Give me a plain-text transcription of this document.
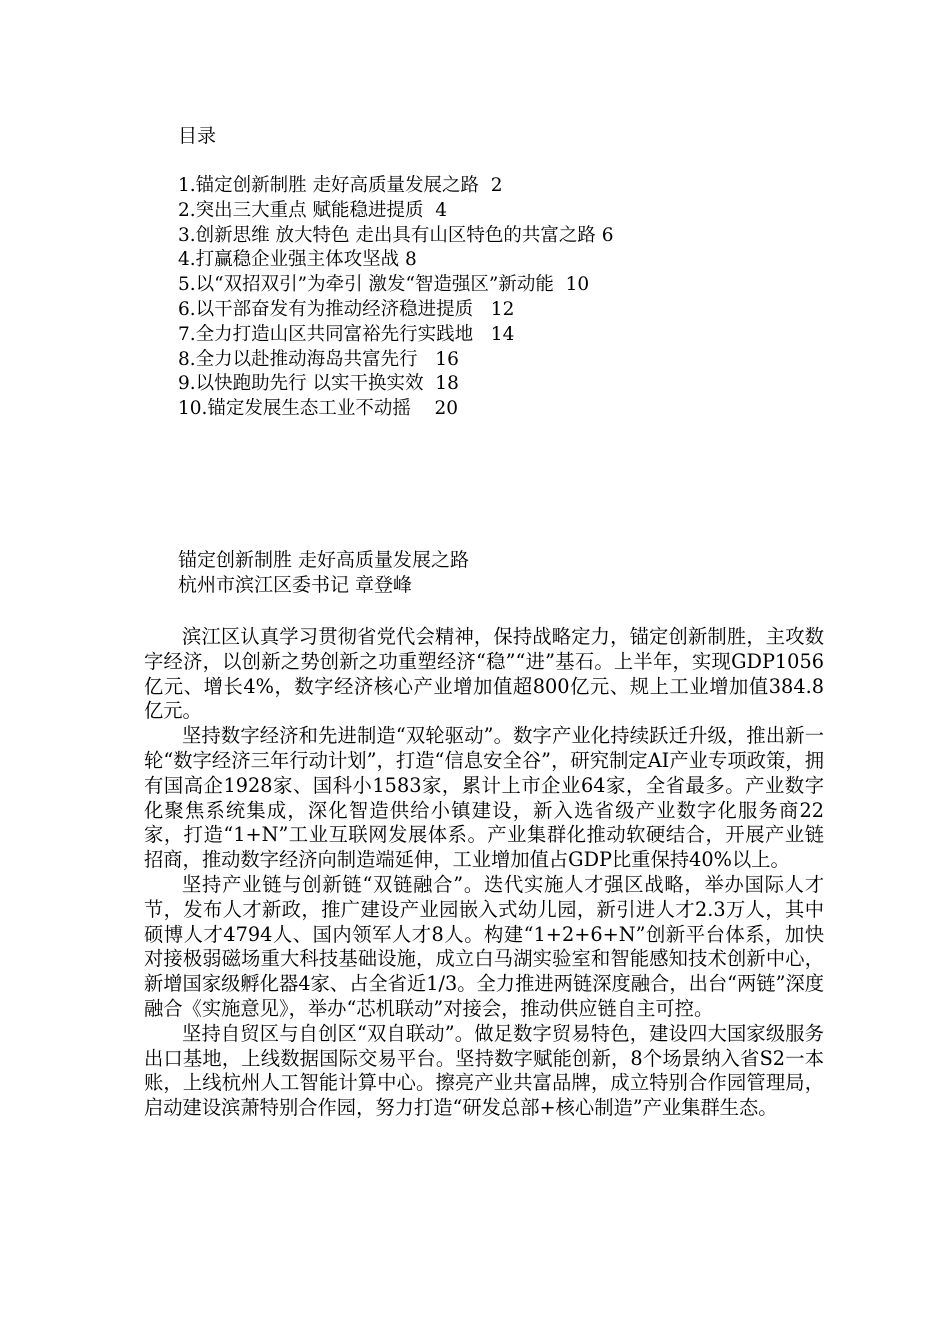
目录
1.锚定创新制胜 走好高质量发展之路  2
2.突出三大重点 赋能稳进提质  4
3.创新思维 放大特色 走出具有山区特色的共富之路 6
4.打赢稳企业强主体攻坚战 8
5.以“双招双引”为牵引 激发“智造强区”新动能  10
6.以干部奋发有为推动经济稳进提质   12
7.全力打造山区共同富裕先行实践地   14
8.全力以赴推动海岛共富先行   16
9.以快跑助先行 以实干换实效  18
10.锚定发展生态工业不动摇    20
锚定创新制胜 走好高质量发展之路
杭州市滨江区委书记 章登峰

滨江区认真学习贯彻省党代会精神，保持战略定力，锚定创新制胜，主攻数字经济，以创新之势创新之功重塑经济“稳”“进”基石。上半年，实现GDP1056亿元、增长4%，数字经济核心产业增加值超800亿元、规上工业增加值384.8亿元。

坚持数字经济和先进制造“双轮驱动”。数字产业化持续跃迁升级，推出新一轮“数字经济三年行动计划”，打造“信息安全谷”，研究制定AI产业专项政策，拥有国高企1928家、国科小1583家，累计上市企业64家，全省最多。产业数字化聚焦系统集成，深化智造供给小镇建设，新入选省级产业数字化服务商22家，打造“1+N”工业互联网发展体系。产业集群化推动软硬结合，开展产业链招商，推动数字经济向制造端延伸，工业增加值占GDP比重保持40%以上。

坚持产业链与创新链“双链融合”。迭代实施人才强区战略，举办国际人才节，发布人才新政，推广建设产业园嵌入式幼儿园，新引进人才2.3万人，其中硕博人才4794人、国内领军人才8人。构建“1+2+6+N”创新平台体系，加快对接极弱磁场重大科技基础设施，成立白马湖实验室和智能感知技术创新中心，新增国家级孵化器4家、占全省近1/3。全力推进两链深度融合，出台“两链”深度融合《实施意见》，举办“芯机联动”对接会，推动供应链自主可控。

坚持自贸区与自创区“双自联动”。做足数字贸易特色，建设四大国家级服务出口基地，上线数据国际交易平台。坚持数字赋能创新，8个场景纳入省S2一本账，上线杭州人工智能计算中心。擦亮产业共富品牌，成立特别合作园管理局，启动建设滨萧特别合作园，努力打造“研发总部+核心制造”产业集群生态。
